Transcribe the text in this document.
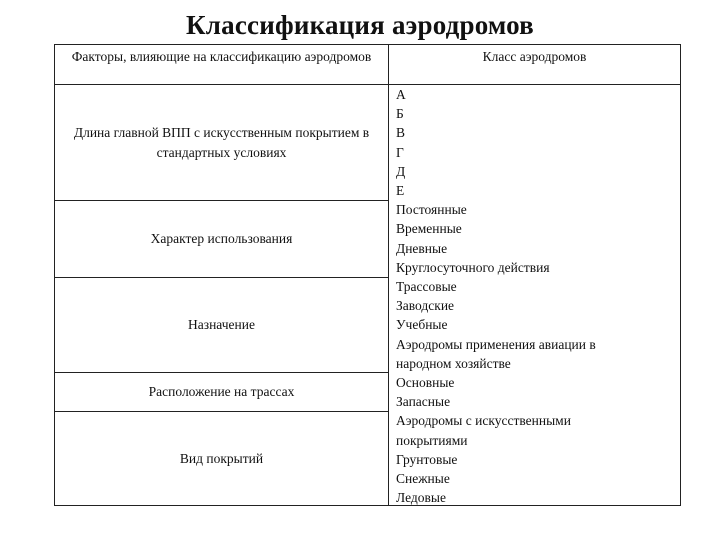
Классификация аэродромов
Факторы, влияющие на классификацию аэродромов	Класс аэродромов
Длина главной ВПП с искусственным покрытием в стандартных условиях
Характер использования
Назначение
Расположение на трассах
Вид покрытий
А
Б
В
Г
Д
Е
Постоянные
Временные
Дневные
Круглосуточного действия
Трассовые
Заводские
Учебные
Аэродромы применения авиации в
народном хозяйстве
Основные
Запасные
Аэродромы с искусственными
покрытиями
Грунтовые
Снежные
Ледовые
